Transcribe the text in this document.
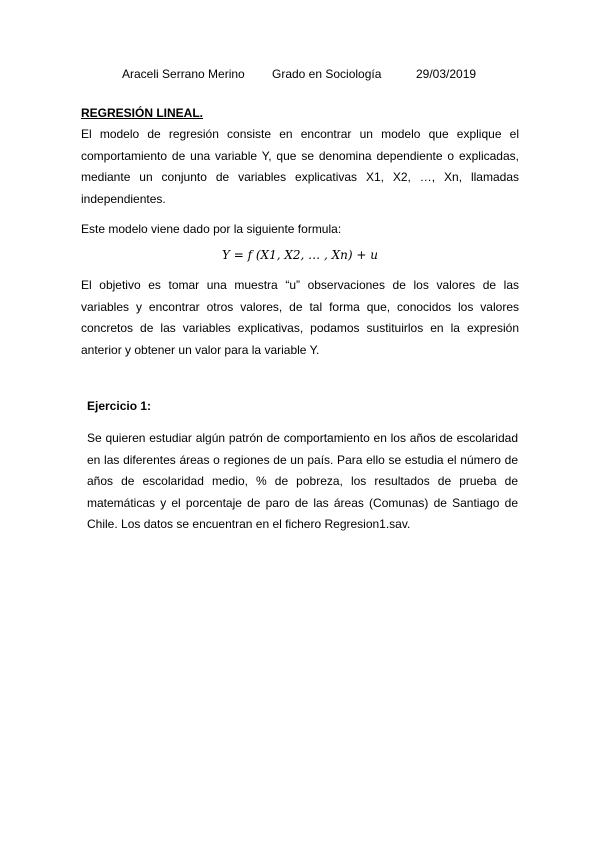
Araceli Serrano Merino Grado en Sociología	29/03/2019
REGRESIÓN LINEAL.

El modelo de regresión consiste en encontrar un modelo que explique el comportamiento de una variable Y, que se denomina dependiente o explicadas, mediante un conjunto de variables explicativas X1, X2, …, Xn, llamadas independientes.

Este modelo viene dado por la siguiente formula:

Y = f (X1, X2, … , Xn) + u

El objetivo es tomar una muestra “u” observaciones de los valores de las variables y encontrar otros valores, de tal forma que, conocidos los valores concretos de las variables explicativas, podamos sustituirlos en la expresión anterior y obtener un valor para la variable Y.

Ejercicio 1:

Se quieren estudiar algún patrón de comportamiento en los años de escolaridad en las diferentes áreas o regiones de un país. Para ello se estudia el número de años de escolaridad medio, % de pobreza, los resultados de prueba de matemáticas y el porcentaje de paro de las áreas (Comunas) de Santiago de Chile. Los datos se encuentran en el fichero Regresion1.sav.
